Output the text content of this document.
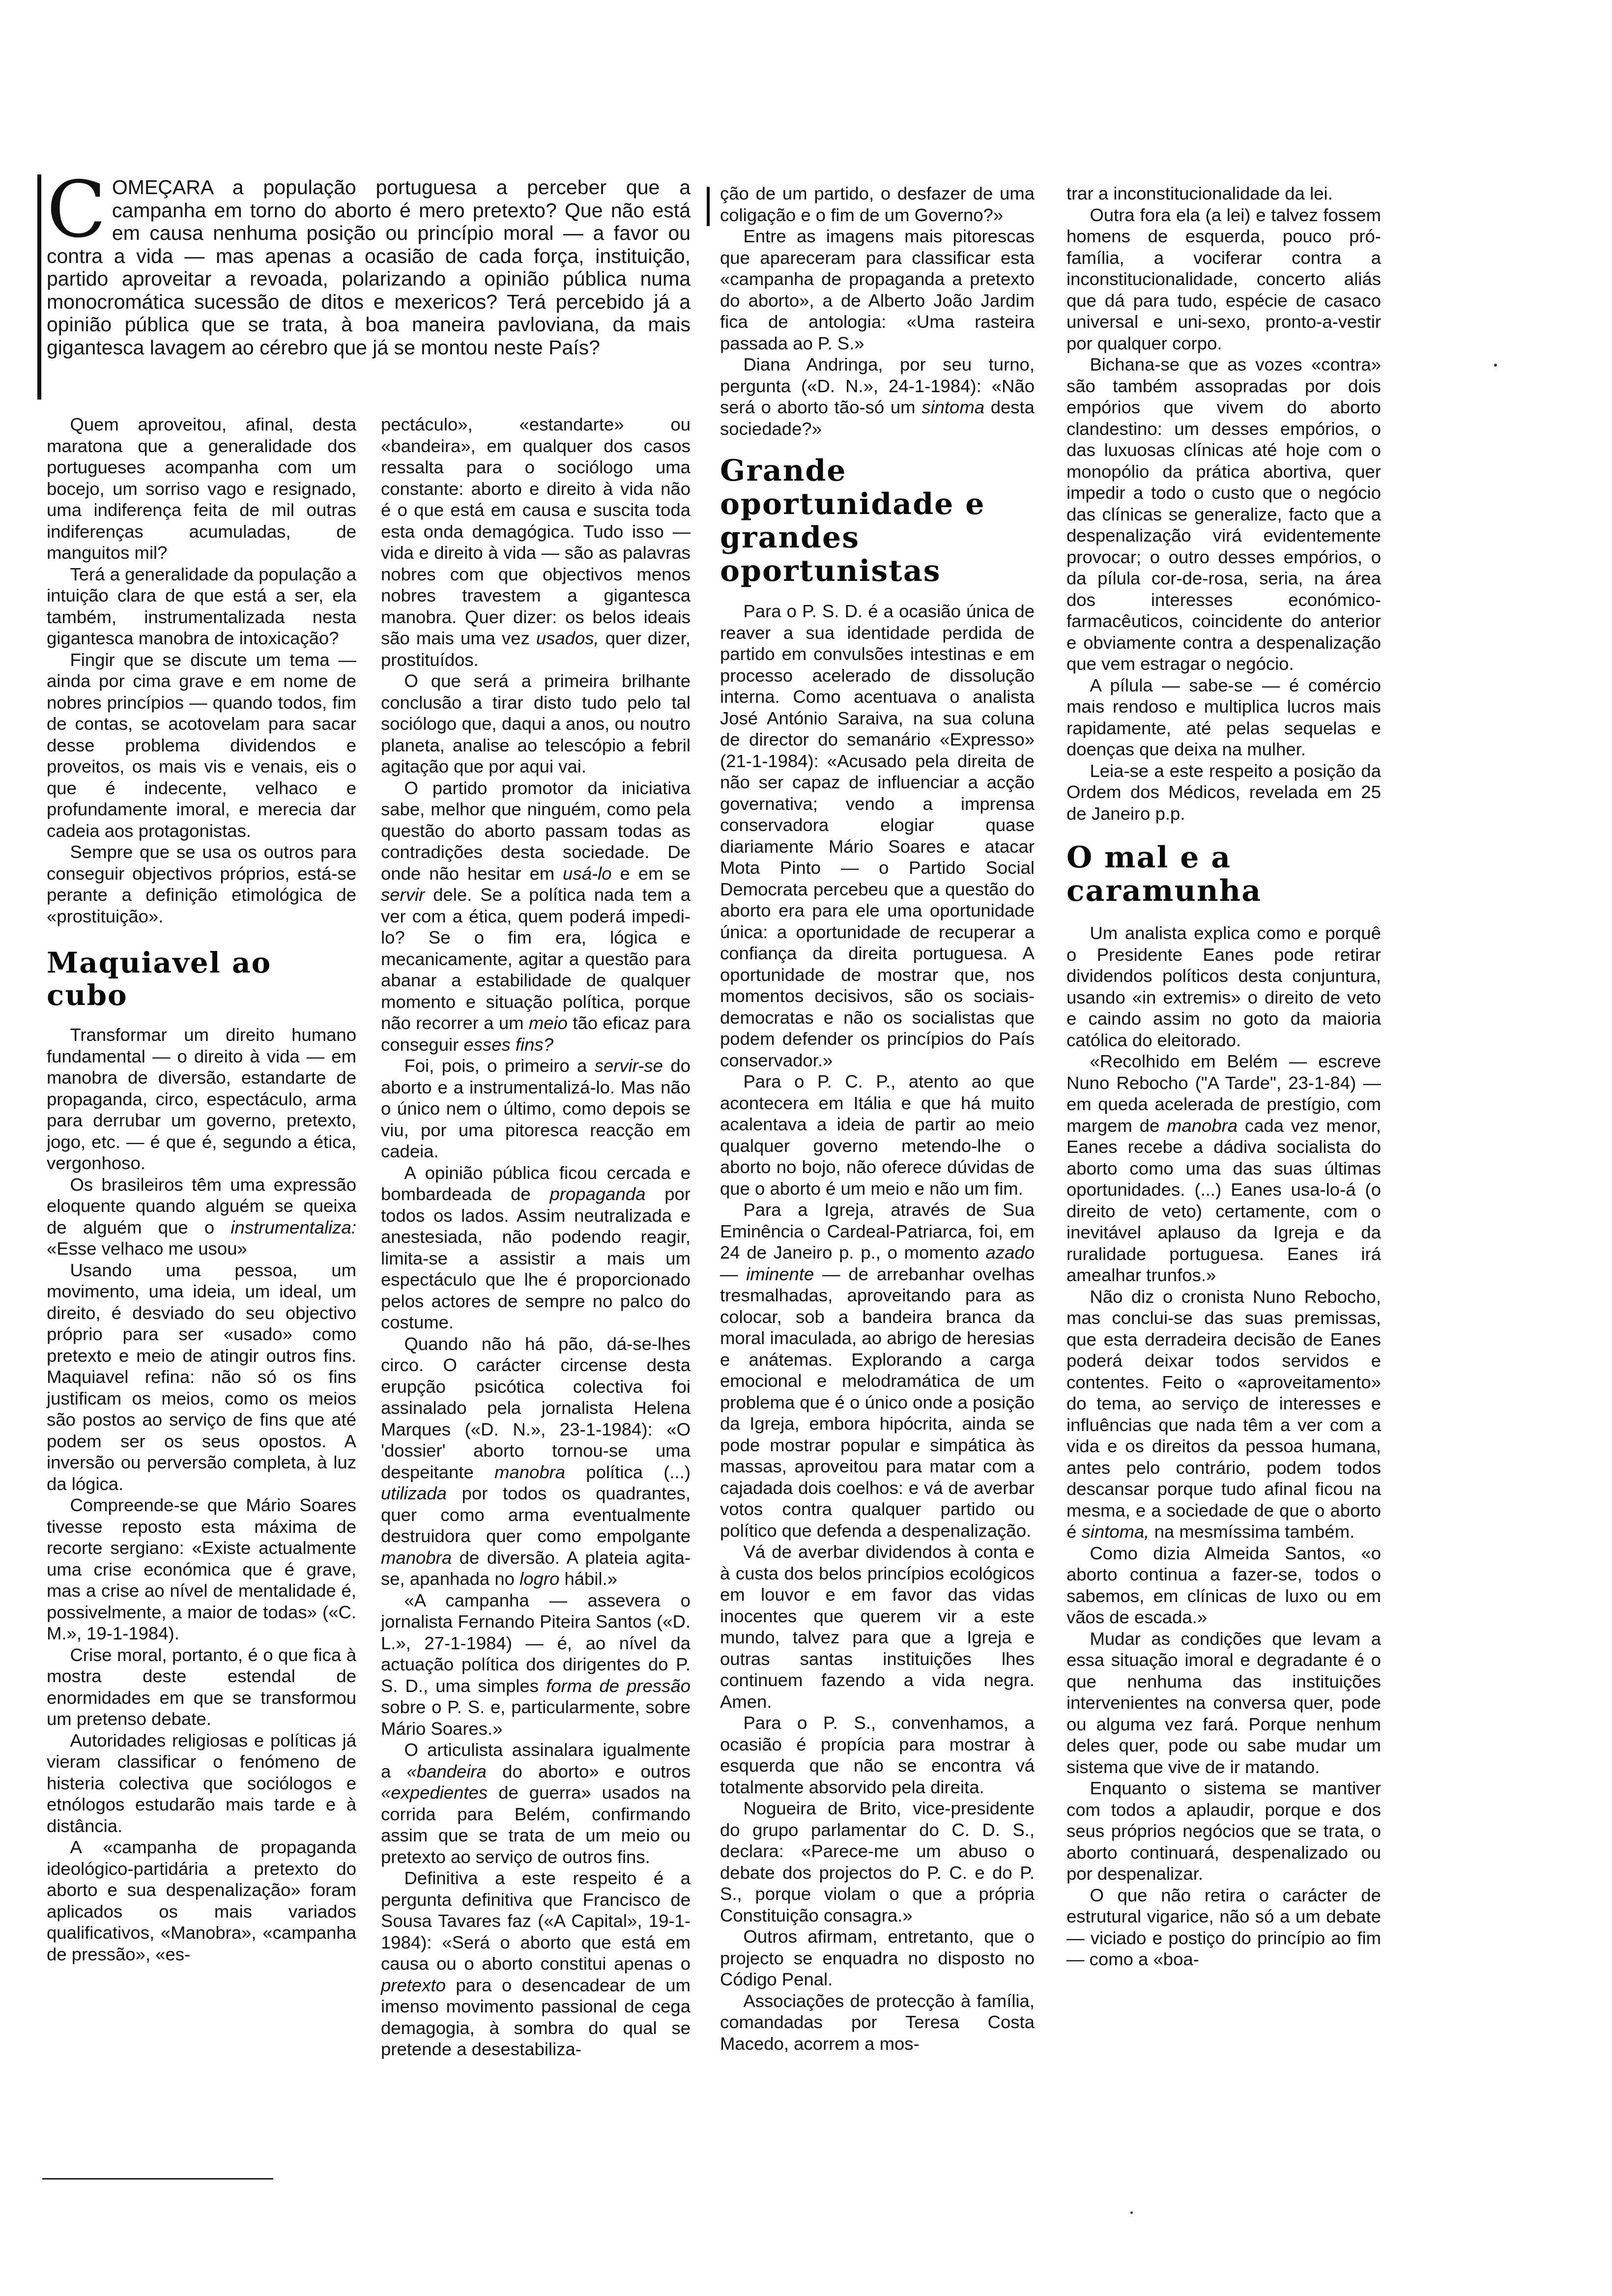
COMEÇARA a população portuguesa a perceber que a campanha em torno do aborto é mero pretexto? Que não está em causa nenhuma posição ou princípio moral — a favor ou contra a vida — mas apenas a ocasião de cada força, instituição, partido aproveitar a revoada, polarizando a opinião pública numa monocromática sucessão de ditos e mexericos? Terá percebido já a opinião pública que se trata, à boa maneira pavloviana, da mais gigantesca lavagem ao cérebro que já se montou neste País?

Quem aproveitou, afinal, desta maratona que a generalidade dos portugueses acompanha com um bocejo, um sorriso vago e resignado, uma indiferença feita de mil outras indiferenças acumuladas, de manguitos mil?

Terá a generalidade da população a intuição clara de que está a ser, ela também, instrumentalizada nesta gigantesca manobra de intoxicação?

Fingir que se discute um tema — ainda por cima grave e em nome de nobres princípios — quando todos, fim de contas, se acotovelam para sacar desse problema dividendos e proveitos, os mais vis e venais, eis o que é indecente, velhaco e profundamente imoral, e merecia dar cadeia aos protagonistas.

Sempre que se usa os outros para conseguir objectivos próprios, está-se perante a definição etimológica de «prostituição».

Maquiavel ao cubo

Transformar um direito humano fundamental — o direito à vida — em manobra de diversão, estandarte de propaganda, circo, espectáculo, arma para derrubar um governo, pretexto, jogo, etc. — é que é, segundo a ética, vergonhoso.

Os brasileiros têm uma expressão eloquente quando alguém se queixa de alguém que o instrumentaliza: «Esse velhaco me usou»

Usando uma pessoa, um movimento, uma ideia, um ideal, um direito, é desviado do seu objectivo próprio para ser «usado» como pretexto e meio de atingir outros fins. Maquiavel refina: não só os fins justificam os meios, como os meios são postos ao serviço de fins que até podem ser os seus opostos. A inversão ou perversão completa, à luz da lógica.

Compreende-se que Mário Soares tivesse reposto esta máxima de recorte sergiano: «Existe actualmente uma crise económica que é grave, mas a crise ao nível de mentalidade é, possivelmente, a maior de todas» («C. M.», 19-1-1984).

Crise moral, portanto, é o que fica à mostra deste estendal de enormidades em que se transformou um pretenso debate.

Autoridades religiosas e políticas já vieram classificar o fenómeno de histeria colectiva que sociólogos e etnólogos estudarão mais tarde e à distância.

A «campanha de propaganda ideológico-partidária a pretexto do aborto e sua despenalização» foram aplicados os mais variados qualificativos, «Manobra», «campanha de pressão», «es-

pectáculo», «estandarte» ou «bandeira», em qualquer dos casos ressalta para o sociólogo uma constante: aborto e direito à vida não é o que está em causa e suscita toda esta onda demagógica. Tudo isso — vida e direito à vida — são as palavras nobres com que objectivos menos nobres travestem a gigantesca manobra. Quer dizer: os belos ideais são mais uma vez usados, quer dizer, prostituídos.

O que será a primeira brilhante conclusão a tirar disto tudo pelo tal sociólogo que, daqui a anos, ou noutro planeta, analise ao telescópio a febril agitação que por aqui vai.

O partido promotor da iniciativa sabe, melhor que ninguém, como pela questão do aborto passam todas as contradições desta sociedade. De onde não hesitar em usá-lo e em se servir dele. Se a política nada tem a ver com a ética, quem poderá impedi-lo? Se o fim era, lógica e mecanicamente, agitar a questão para abanar a estabilidade de qualquer momento e situação política, porque não recorrer a um meio tão eficaz para conseguir esses fins?

Foi, pois, o primeiro a servir-se do aborto e a instrumentalizá-lo. Mas não o único nem o último, como depois se viu, por uma pitoresca reacção em cadeia.

A opinião pública ficou cercada e bombardeada de propaganda por todos os lados. Assim neutralizada e anestesiada, não podendo reagir, limita-se a assistir a mais um espectáculo que lhe é proporcionado pelos actores de sempre no palco do costume.

Quando não há pão, dá-se-lhes circo. O carácter circense desta erupção psicótica colectiva foi assinalado pela jornalista Helena Marques («D. N.», 23-1-1984): «O 'dossier' aborto tornou-se uma despeitante manobra política (...) utilizada por todos os quadrantes, quer como arma eventualmente destruidora quer como empolgante manobra de diversão. A plateia agita-se, apanhada no logro hábil.»

«A campanha — assevera o jornalista Fernando Piteira Santos («D. L.», 27-1-1984) — é, ao nível da actuação política dos dirigentes do P. S. D., uma simples forma de pressão sobre o P. S. e, particularmente, sobre Mário Soares.»

O articulista assinalara igualmente a «bandeira do aborto» e outros «expedientes de guerra» usados na corrida para Belém, confirmando assim que se trata de um meio ou pretexto ao serviço de outros fins.

Definitiva a este respeito é a pergunta definitiva que Francisco de Sousa Tavares faz («A Capital», 19-1-1984): «Será o aborto que está em causa ou o aborto constitui apenas o pretexto para o desencadear de um imenso movimento passional de cega demagogia, à sombra do qual se pretende a desestabiliza-

ção de um partido, o desfazer de uma coligação e o fim de um Governo?»

Entre as imagens mais pitorescas que apareceram para classificar esta «campanha de propaganda a pretexto do aborto», a de Alberto João Jardim fica de antologia: «Uma rasteira passada ao P. S.»

Diana Andringa, por seu turno, pergunta («D. N.», 24-1-1984): «Não será o aborto tão-só um sintoma desta sociedade?»

Grande oportunidade e grandes oportunistas

Para o P. S. D. é a ocasião única de reaver a sua identidade perdida de partido em convulsões intestinas e em processo acelerado de dissolução interna. Como acentuava o analista José António Saraiva, na sua coluna de director do semanário «Expresso» (21-1-1984): «Acusado pela direita de não ser capaz de influenciar a acção governativa; vendo a imprensa conservadora elogiar quase diariamente Mário Soares e atacar Mota Pinto — o Partido Social Democrata percebeu que a questão do aborto era para ele uma oportunidade única: a oportunidade de recuperar a confiança da direita portuguesa. A oportunidade de mostrar que, nos momentos decisivos, são os sociais-democratas e não os socialistas que podem defender os princípios do País conservador.»

Para o P. C. P., atento ao que acontecera em Itália e que há muito acalentava a ideia de partir ao meio qualquer governo metendo-lhe o aborto no bojo, não oferece dúvidas de que o aborto é um meio e não um fim.

Para a Igreja, através de Sua Eminência o Cardeal-Patriarca, foi, em 24 de Janeiro p. p., o momento azado — iminente — de arrebanhar ovelhas tresmalhadas, aproveitando para as colocar, sob a bandeira branca da moral imaculada, ao abrigo de heresias e anátemas. Explorando a carga emocional e melodramática de um problema que é o único onde a posição da Igreja, embora hipócrita, ainda se pode mostrar popular e simpática às massas, aproveitou para matar com a cajadada dois coelhos: e vá de averbar votos contra qualquer partido ou político que defenda a despenalização.

Vá de averbar dividendos à conta e à custa dos belos princípios ecológicos em louvor e em favor das vidas inocentes que querem vir a este mundo, talvez para que a Igreja e outras santas instituições lhes continuem fazendo a vida negra. Amen.

Para o P. S., convenhamos, a ocasião é propícia para mostrar à esquerda que não se encontra vá totalmente absorvido pela direita.

Nogueira de Brito, vice-presidente do grupo parlamentar do C. D. S., declara: «Parece-me um abuso o debate dos projectos do P. C. e do P. S., porque violam o que a própria Constituição consagra.»

Outros afirmam, entretanto, que o projecto se enquadra no disposto no Código Penal.

Associações de protecção à família, comandadas por Teresa Costa Macedo, acorrem a mos-

trar a inconstitucionalidade da lei.

Outra fora ela (a lei) e talvez fossem homens de esquerda, pouco pró-família, a vociferar contra a inconstitucionalidade, concerto aliás que dá para tudo, espécie de casaco universal e uni-sexo, pronto-a-vestir por qualquer corpo.

Bichana-se que as vozes «contra» são também assopradas por dois empórios que vivem do aborto clandestino: um desses empórios, o das luxuosas clínicas até hoje com o monopólio da prática abortiva, quer impedir a todo o custo que o negócio das clínicas se generalize, facto que a despenalização virá evidentemente provocar; o outro desses empórios, o da pílula cor-de-rosa, seria, na área dos interesses económico-farmacêuticos, coincidente do anterior e obviamente contra a despenalização que vem estragar o negócio.

A pílula — sabe-se — é comércio mais rendoso e multiplica lucros mais rapidamente, até pelas sequelas e doenças que deixa na mulher.

Leia-se a este respeito a posição da Ordem dos Médicos, revelada em 25 de Janeiro p.p.

O mal e a caramunha

Um analista explica como e porquê o Presidente Eanes pode retirar dividendos políticos desta conjuntura, usando «in extremis» o direito de veto e caindo assim no goto da maioria católica do eleitorado.

«Recolhido em Belém — escreve Nuno Rebocho ("A Tarde", 23-1-84) — em queda acelerada de prestígio, com margem de manobra cada vez menor, Eanes recebe a dádiva socialista do aborto como uma das suas últimas oportunidades. (...) Eanes usa-lo-á (o direito de veto) certamente, com o inevitável aplauso da Igreja e da ruralidade portuguesa. Eanes irá amealhar trunfos.»

Não diz o cronista Nuno Rebocho, mas conclui-se das suas premissas, que esta derradeira decisão de Eanes poderá deixar todos servidos e contentes. Feito o «aproveitamento» do tema, ao serviço de interesses e influências que nada têm a ver com a vida e os direitos da pessoa humana, antes pelo contrário, podem todos descansar porque tudo afinal ficou na mesma, e a sociedade de que o aborto é sintoma, na mesmíssima também.

Como dizia Almeida Santos, «o aborto continua a fazer-se, todos o sabemos, em clínicas de luxo ou em vãos de escada.»

Mudar as condições que levam a essa situação imoral e degradante é o que nenhuma das instituições intervenientes na conversa quer, pode ou alguma vez fará. Porque nenhum deles quer, pode ou sabe mudar um sistema que vive de ir matando.

Enquanto o sistema se mantiver com todos a aplaudir, porque e dos seus próprios negócios que se trata, o aborto continuará, despenalizado ou por despenalizar.

O que não retira o carácter de estrutural vigarice, não só a um debate — viciado e postiço do princípio ao fim — como a «boa-
